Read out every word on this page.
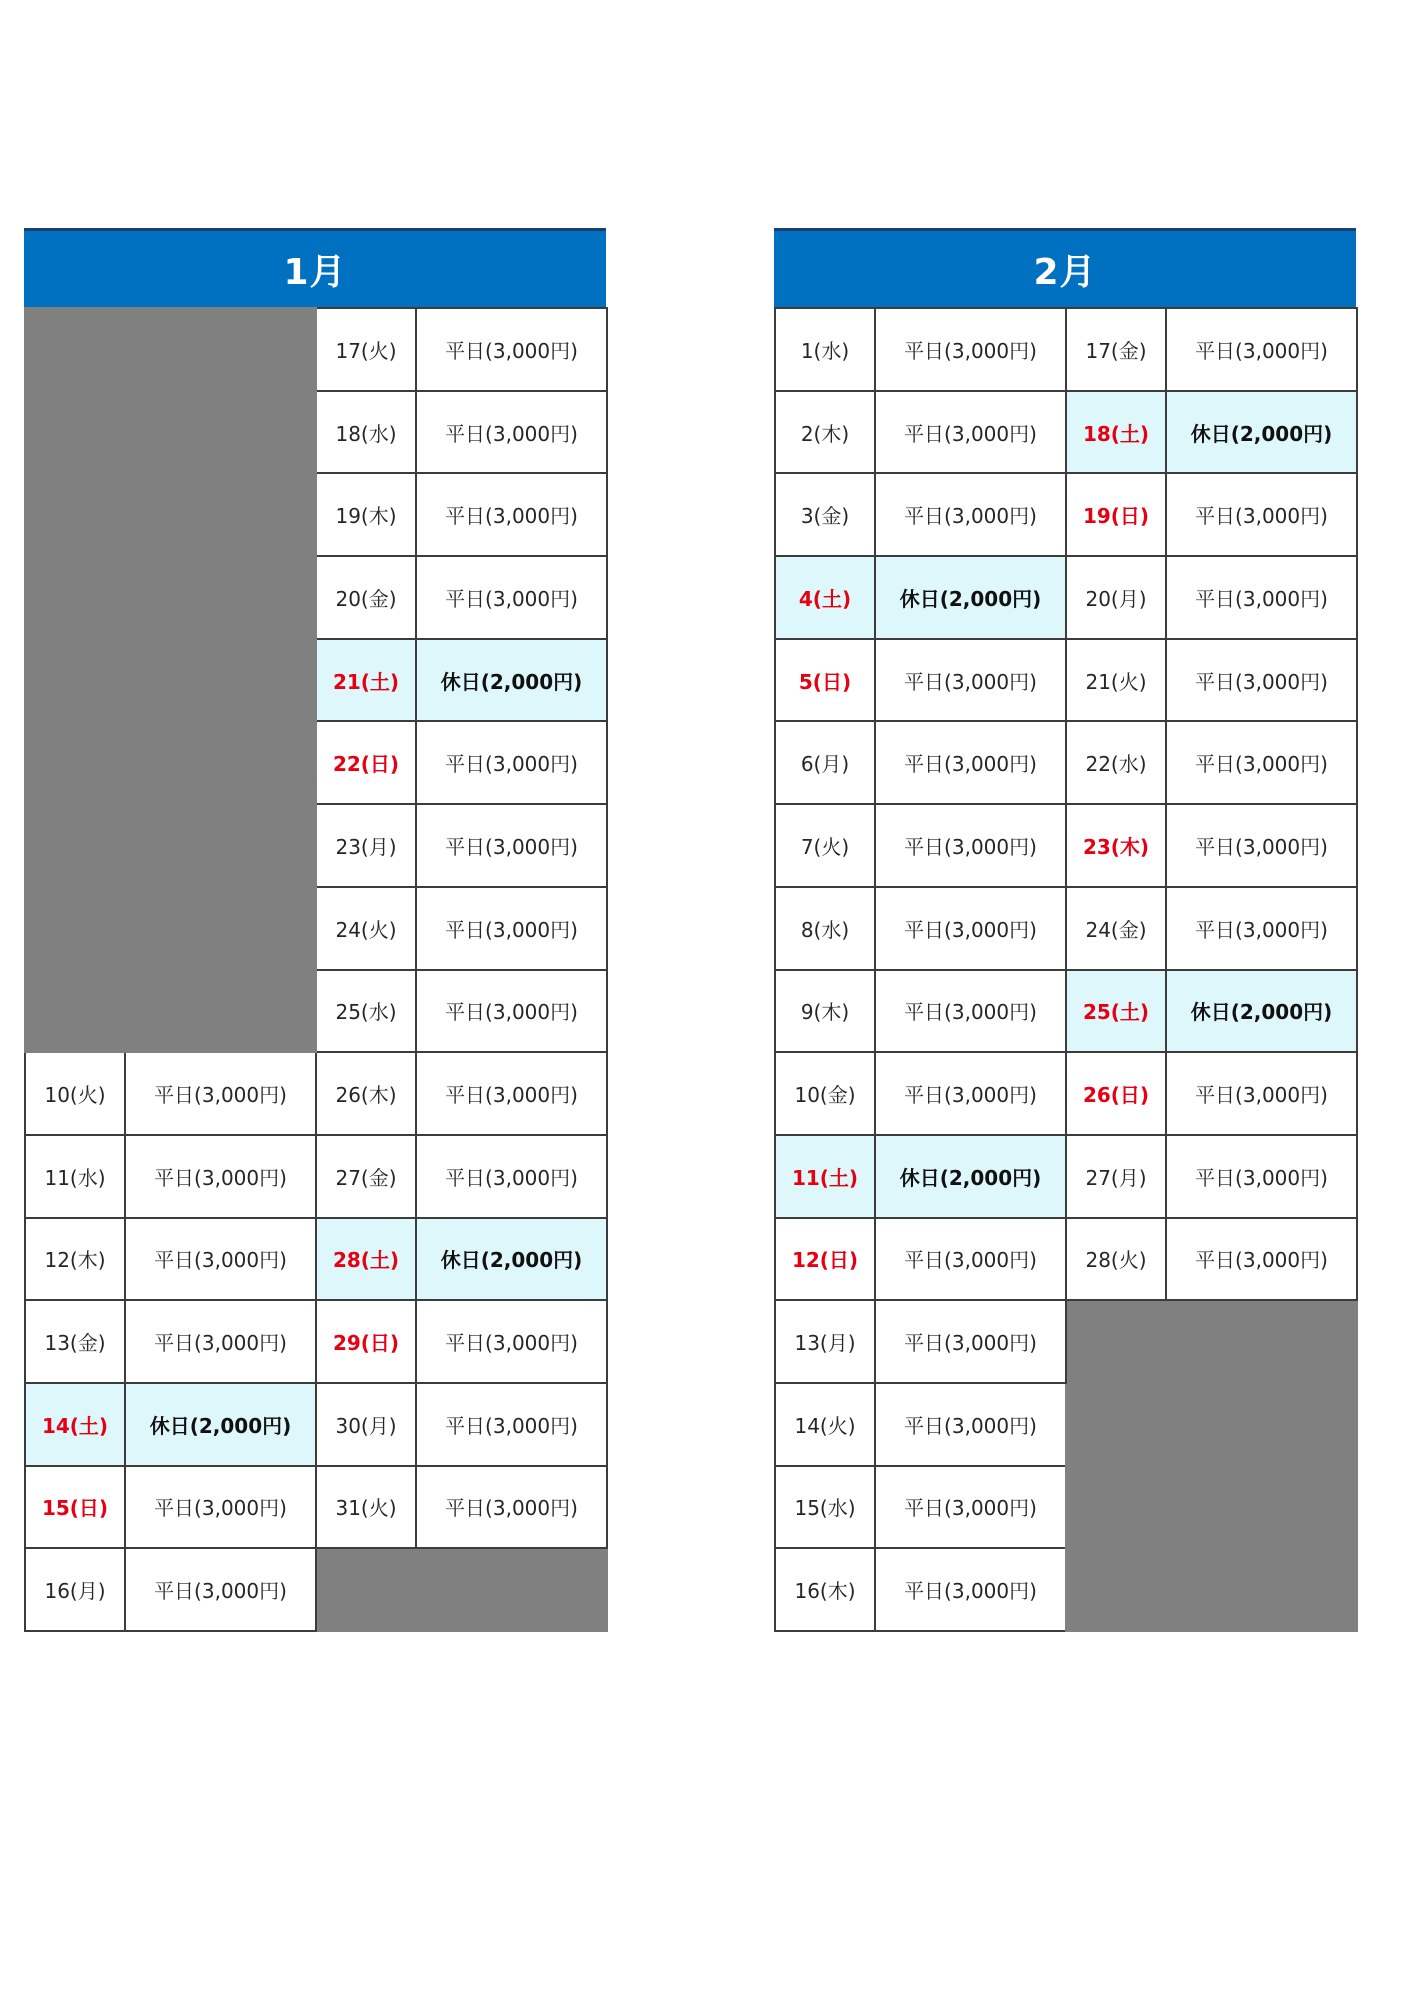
1月
		17(火)	平日(3,000円)
		18(水)	平日(3,000円)
		19(木)	平日(3,000円)
		20(金)	平日(3,000円)
		21(土)	休日(2,000円)
		22(日)	平日(3,000円)
		23(月)	平日(3,000円)
		24(火)	平日(3,000円)
		25(水)	平日(3,000円)
10(火)	平日(3,000円)	26(木)	平日(3,000円)
11(水)	平日(3,000円)	27(金)	平日(3,000円)
12(木)	平日(3,000円)	28(土)	休日(2,000円)
13(金)	平日(3,000円)	29(日)	平日(3,000円)
14(土)	休日(2,000円)	30(月)	平日(3,000円)
15(日)	平日(3,000円)	31(火)	平日(3,000円)
16(月)	平日(3,000円)		
2月
1(水)	平日(3,000円)	17(金)	平日(3,000円)
2(木)	平日(3,000円)	18(土)	休日(2,000円)
3(金)	平日(3,000円)	19(日)	平日(3,000円)
4(土)	休日(2,000円)	20(月)	平日(3,000円)
5(日)	平日(3,000円)	21(火)	平日(3,000円)
6(月)	平日(3,000円)	22(水)	平日(3,000円)
7(火)	平日(3,000円)	23(木)	平日(3,000円)
8(水)	平日(3,000円)	24(金)	平日(3,000円)
9(木)	平日(3,000円)	25(土)	休日(2,000円)
10(金)	平日(3,000円)	26(日)	平日(3,000円)
11(土)	休日(2,000円)	27(月)	平日(3,000円)
12(日)	平日(3,000円)	28(火)	平日(3,000円)
13(月)	平日(3,000円)		
14(火)	平日(3,000円)		
15(水)	平日(3,000円)		
16(木)	平日(3,000円)		
